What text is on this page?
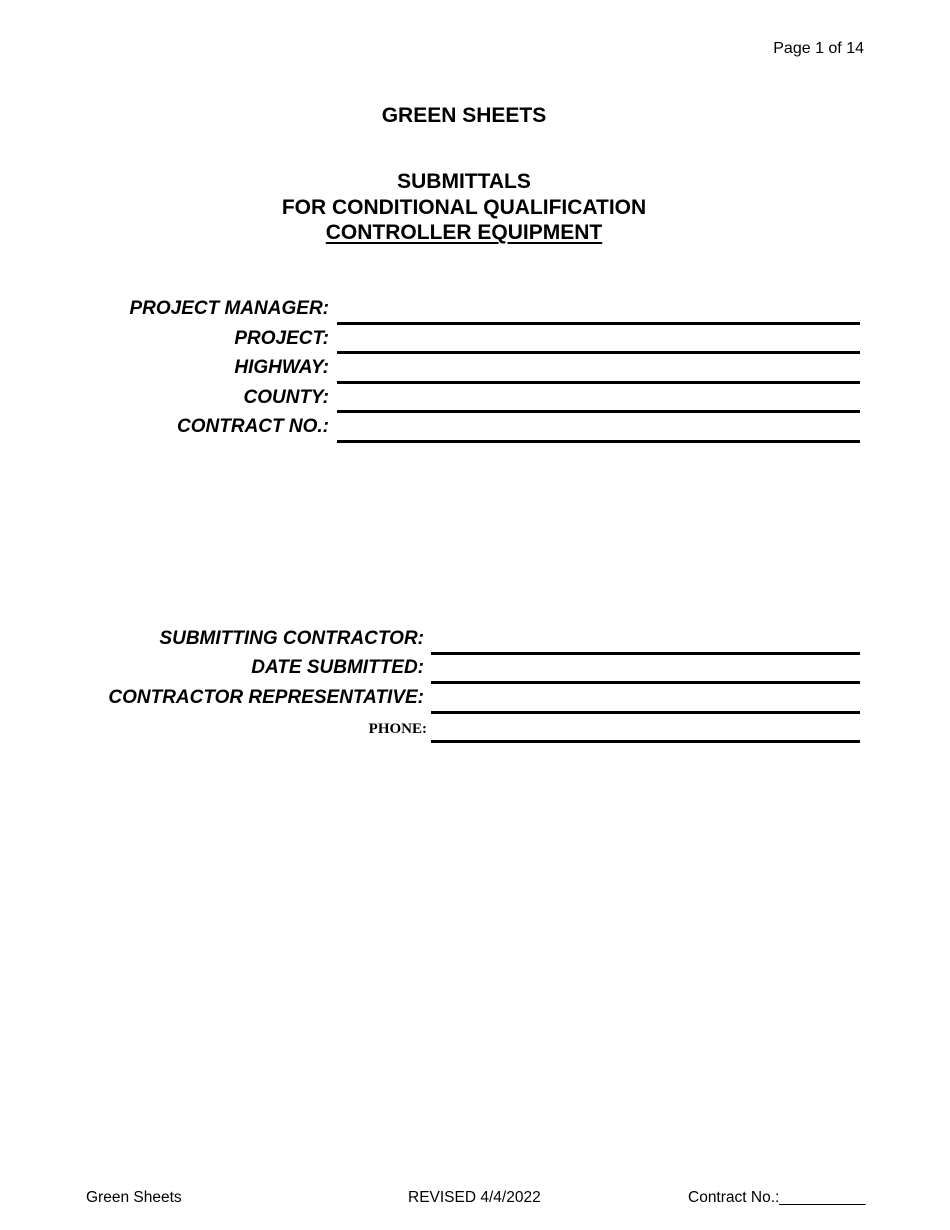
Page 1 of 14
GREEN SHEETS
SUBMITTALS
FOR CONDITIONAL QUALIFICATION
CONTROLLER EQUIPMENT
PROJECT MANAGER:
PROJECT:
HIGHWAY:
COUNTY:
CONTRACT NO.:
SUBMITTING CONTRACTOR:
DATE SUBMITTED:
CONTRACTOR REPRESENTATIVE:
PHONE:
Green Sheets	REVISED 4/4/2022	Contract No.:__________
